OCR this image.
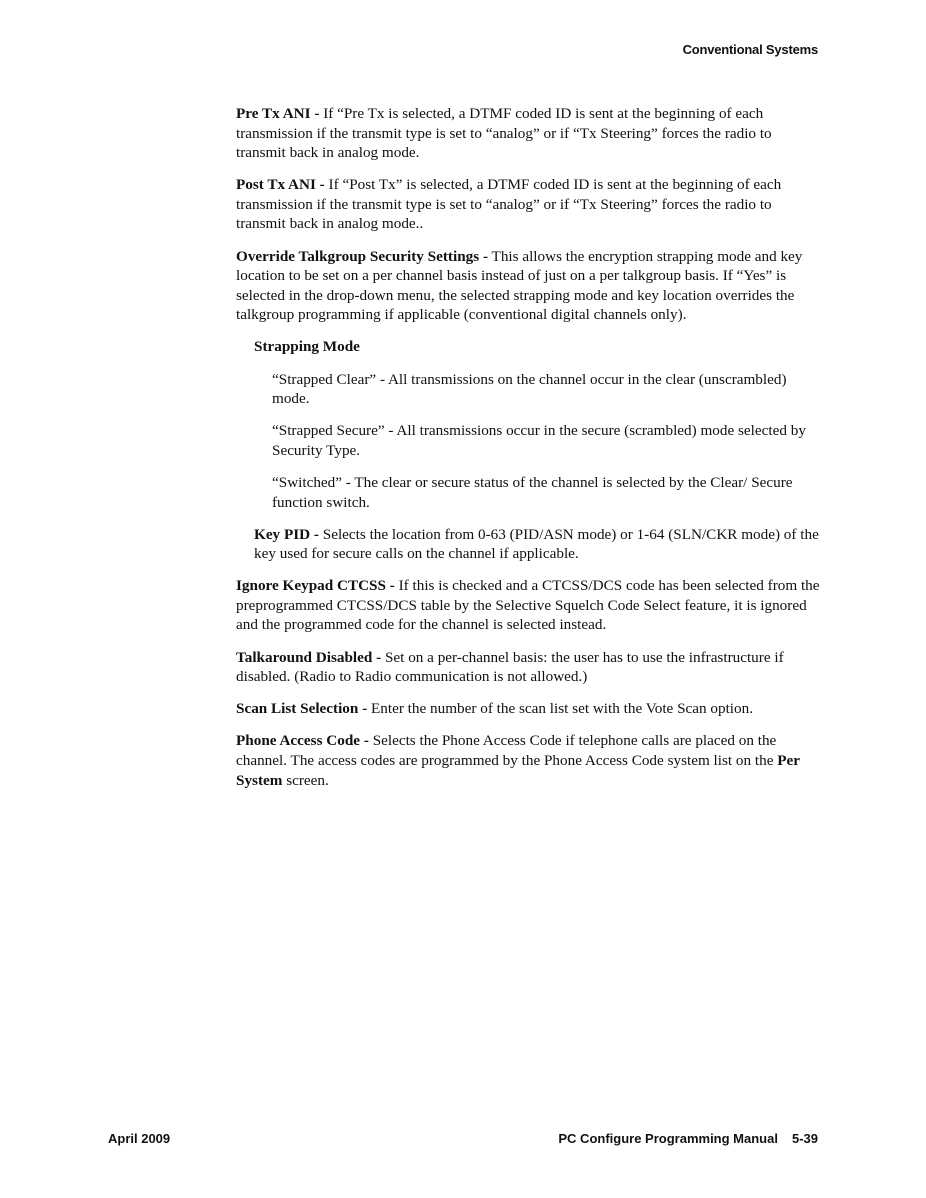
Conventional Systems

Pre Tx ANI - If “Pre Tx is selected, a DTMF coded ID is sent at the beginning of each transmission if the transmit type is set to “analog” or if “Tx Steering” forces the radio to transmit back in analog mode.

Post Tx ANI - If “Post Tx” is selected, a DTMF coded ID is sent at the beginning of each transmission if the transmit type is set to “analog” or if “Tx Steering” forces the radio to transmit back in analog mode..

Override Talkgroup Security Settings - This allows the encryption strapping mode and key location to be set on a per channel basis instead of just on a per talkgroup basis. If “Yes” is selected in the drop-down menu, the selected strapping mode and key location overrides the talkgroup programming if applicable (conventional digital channels only).

Strapping Mode

“Strapped Clear” - All transmissions on the channel occur in the clear (unscrambled) mode.

“Strapped Secure” - All transmissions occur in the secure (scrambled) mode selected by Security Type.

“Switched” - The clear or secure status of the channel is selected by the Clear/ Secure function switch.

Key PID - Selects the location from 0-63 (PID/ASN mode) or 1-64 (SLN/CKR mode) of the key used for secure calls on the channel if applicable.

Ignore Keypad CTCSS - If this is checked and a CTCSS/DCS code has been selected from the preprogrammed CTCSS/DCS table by the Selective Squelch Code Select feature, it is ignored and the programmed code for the channel is selected instead.

Talkaround Disabled - Set on a per-channel basis: the user has to use the infrastructure if disabled. (Radio to Radio communication is not allowed.)

Scan List Selection - Enter the number of the scan list set with the Vote Scan option.

Phone Access Code - Selects the Phone Access Code if telephone calls are placed on the channel. The access codes are programmed by the Phone Access Code system list on the Per System screen.

April 2009	PC Configure Programming Manual 5-39
